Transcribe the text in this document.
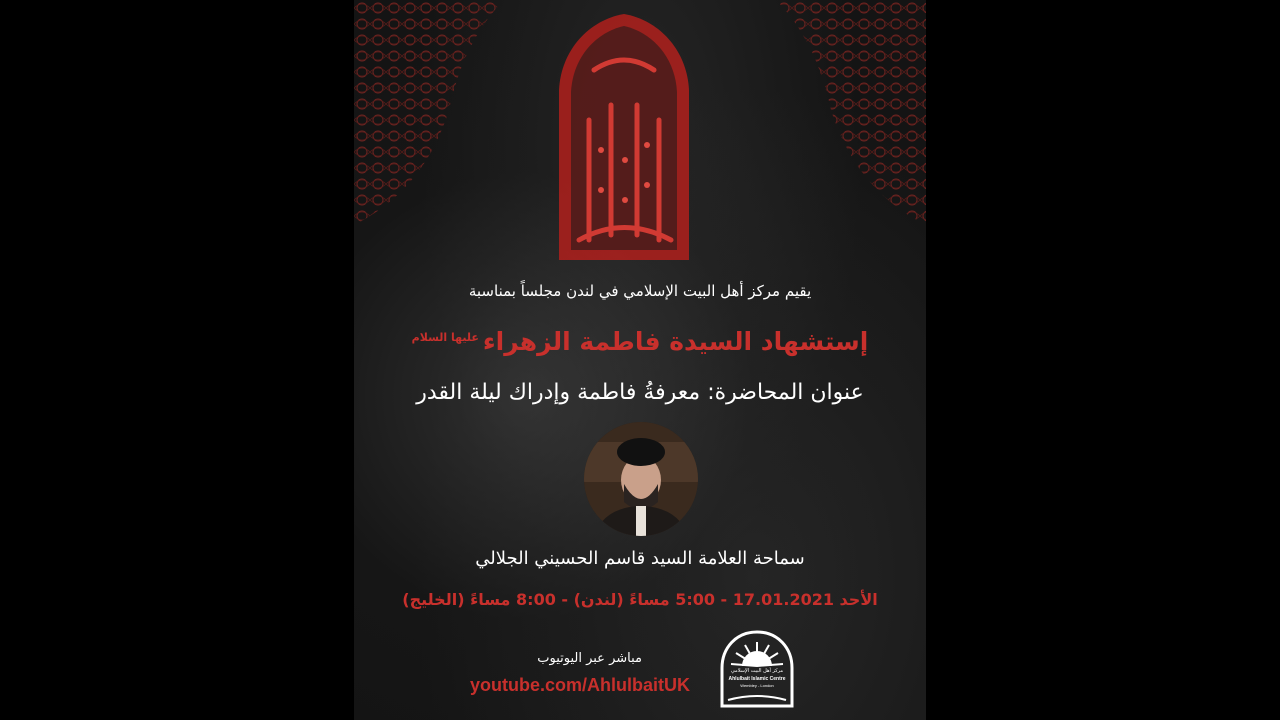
يقيم مركز أهل البيت الإسلامي في لندن مجلساً بمناسبة
إستشهاد السيدة فاطمة الزهراء$^{عليها السلام}$
عنوان المحاضرة: معرفةُ فاطمة وإدراك ليلة القدر
سماحة العلامة السيد قاسم الحسيني الجلالي
الأحد 17.01.2021 - 5:00 مساءً (لندن) - 8:00 مساءً (الخليج)
مباشر عبر اليوتيوب
youtube.com/AhlulbaitUK
مركز أهل البيت الإسلامي
Ahlulbait Islamic Centre
Wembley - London
